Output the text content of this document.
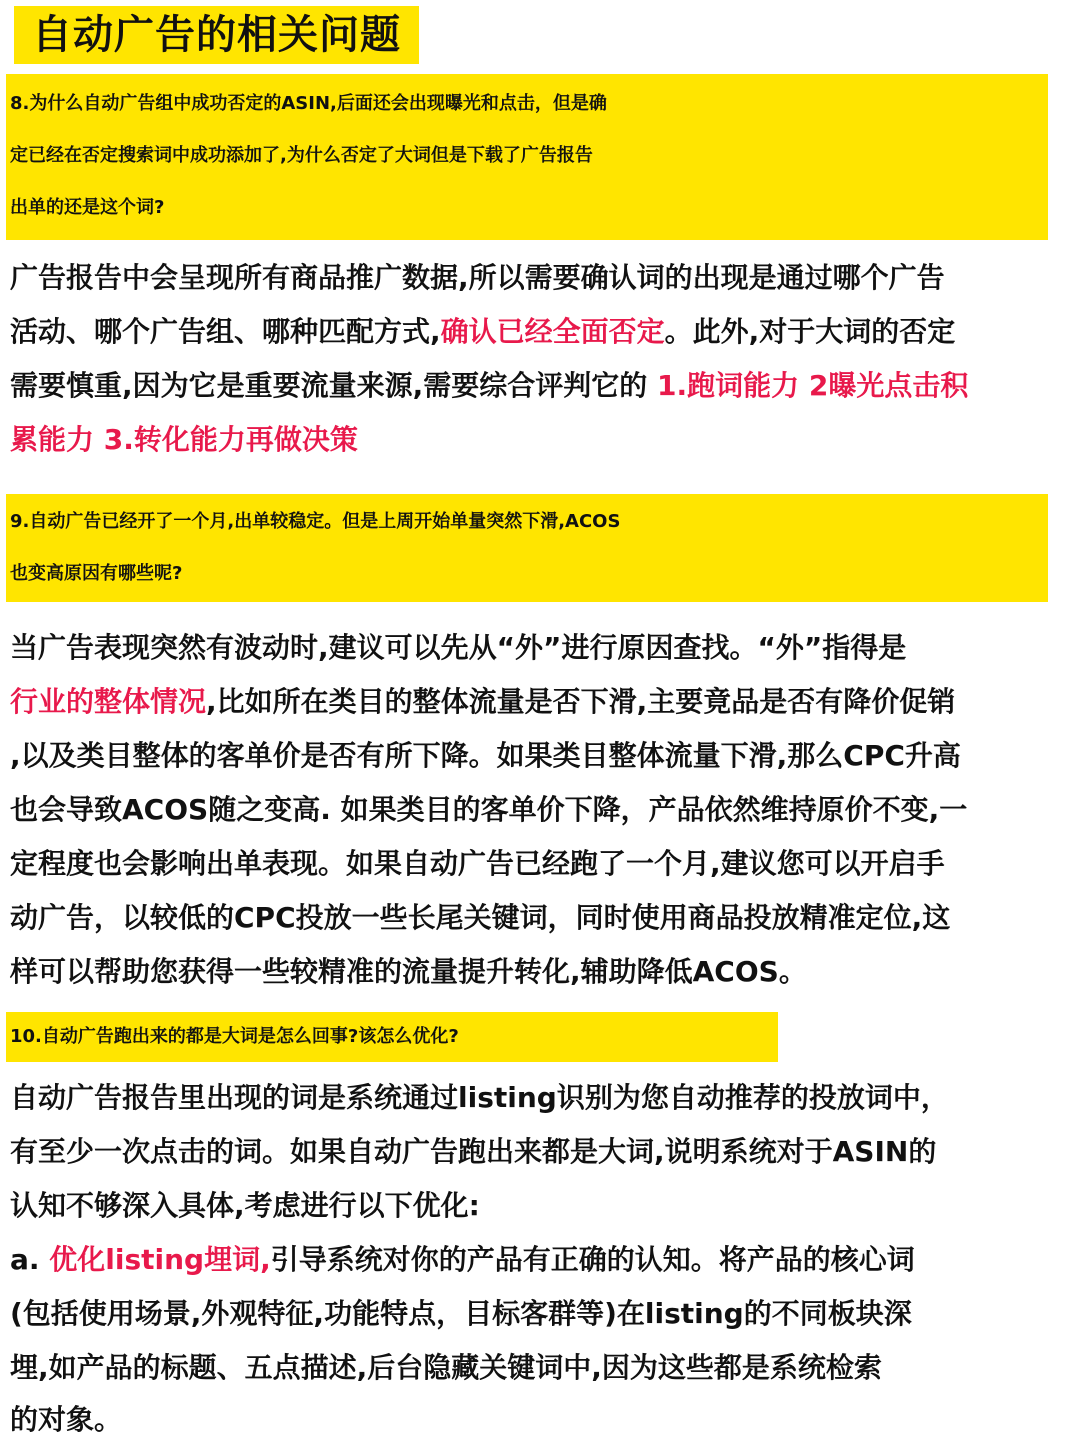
自动广告的相关问题
8.为什么自动广告组中成功否定的ASIN,后面还会出现曝光和点击，但是确
定已经在否定搜索词中成功添加了,为什么否定了大词但是下载了广告报告
出单的还是这个词?
广告报告中会呈现所有商品推广数据,所以需要确认词的出现是通过哪个广告
活动、哪个广告组、哪种匹配方式,确认已经全面否定。此外,对于大词的否定
需要慎重,因为它是重要流量来源,需要综合评判它的 1.跑词能力 2曝光点击积
累能力 3.转化能力再做决策
9.自动广告已经开了一个月,出单较稳定。但是上周开始单量突然下滑,ACOS
也变高原因有哪些呢?
当广告表现突然有波动时,建议可以先从“外”进行原因查找。“外”指得是
行业的整体情况,比如所在类目的整体流量是否下滑,主要竟品是否有降价促销
,以及类目整体的客单价是否有所下降。如果类目整体流量下滑,那么CPC升高
也会导致ACOS随之变高. 如果类目的客单价下降，产品依然维持原价不变,一
定程度也会影响出单表现。如果自动广告已经跑了一个月,建议您可以开启手
动广告，以较低的CPC投放一些长尾关键词，同时使用商品投放精准定位,这
样可以帮助您获得一些较精准的流量提升转化,辅助降低ACOS。
10.自动广告跑出来的都是大词是怎么回事?该怎么优化?
自动广告报告里出现的词是系统通过listing识别为您自动推荐的投放词中，
有至少一次点击的词。如果自动广告跑出来都是大词,说明系统对于ASIN的
认知不够深入具体,考虑进行以下优化:
a. 优化listing埋词,引导系统对你的产品有正确的认知。将产品的核心词
(包括使用场景,外观特征,功能特点，目标客群等)在listing的不同板块深
埋,如产品的标题、五点描述,后台隐藏关键词中,因为这些都是系统检索
的对象。
